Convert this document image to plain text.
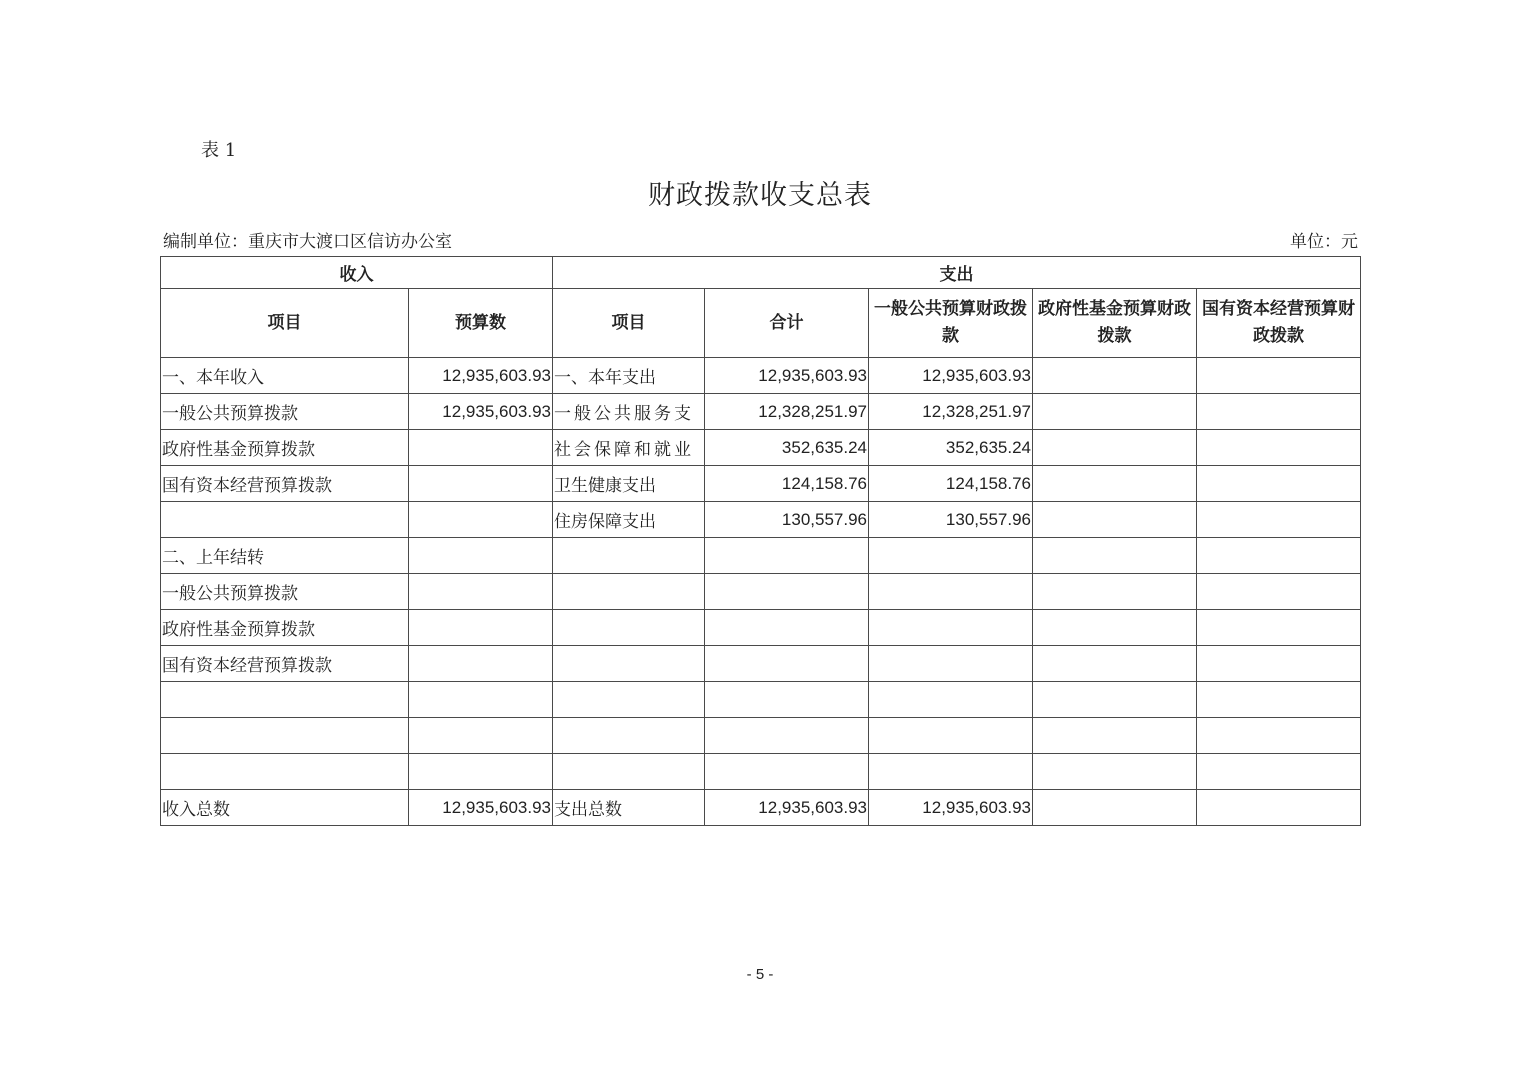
表 1
财政拨款收支总表
编制单位：重庆市大渡口区信访办公室	单位：元
收入		支出				
项目	预算数	项目	合计	一般公共预算财政拨款	政府性基金预算财政拨款	国有资本经营预算财政拨款
一、本年收入	12,935,603.93	一、本年支出	12,935,603.93	12,935,603.93		
一般公共预算拨款	12,935,603.93	一般公共服务支	12,328,251.97	12,328,251.97		
政府性基金预算拨款		社会保障和就业	352,635.24	352,635.24		
国有资本经营预算拨款		卫生健康支出	124,158.76	124,158.76		
		住房保障支出	130,557.96	130,557.96		
二、上年结转						
一般公共预算拨款						
政府性基金预算拨款						
国有资本经营预算拨款						

收入总数	12,935,603.93	支出总数	12,935,603.93	12,935,603.93		
- 5 -
